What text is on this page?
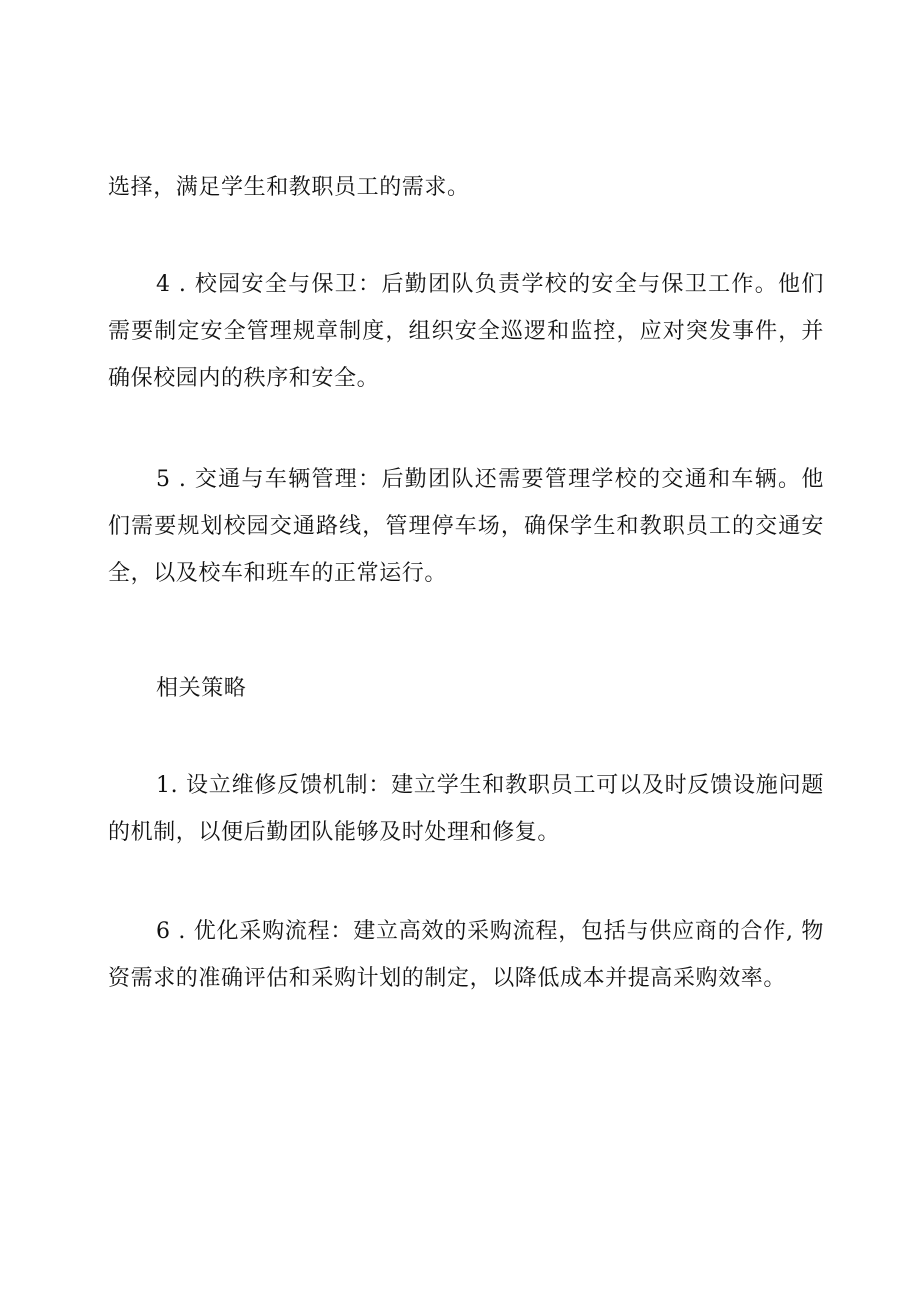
选择，满足学生和教职员工的需求。

4 . 校园安全与保卫：后勤团队负责学校的安全与保卫工作。他们需要制定安全管理规章制度，组织安全巡逻和监控，应对突发事件，并确保校园内的秩序和安全。

5 . 交通与车辆管理：后勤团队还需要管理学校的交通和车辆。他们需要规划校园交通路线，管理停车场，确保学生和教职员工的交通安全，以及校车和班车的正常运行。

相关策略

1. 设立维修反馈机制：建立学生和教职员工可以及时反馈设施问题的机制，以便后勤团队能够及时处理和修复。

6 . 优化采购流程：建立高效的采购流程，包括与供应商的合作, 物资需求的准确评估和采购计划的制定，以降低成本并提高采购效率。
